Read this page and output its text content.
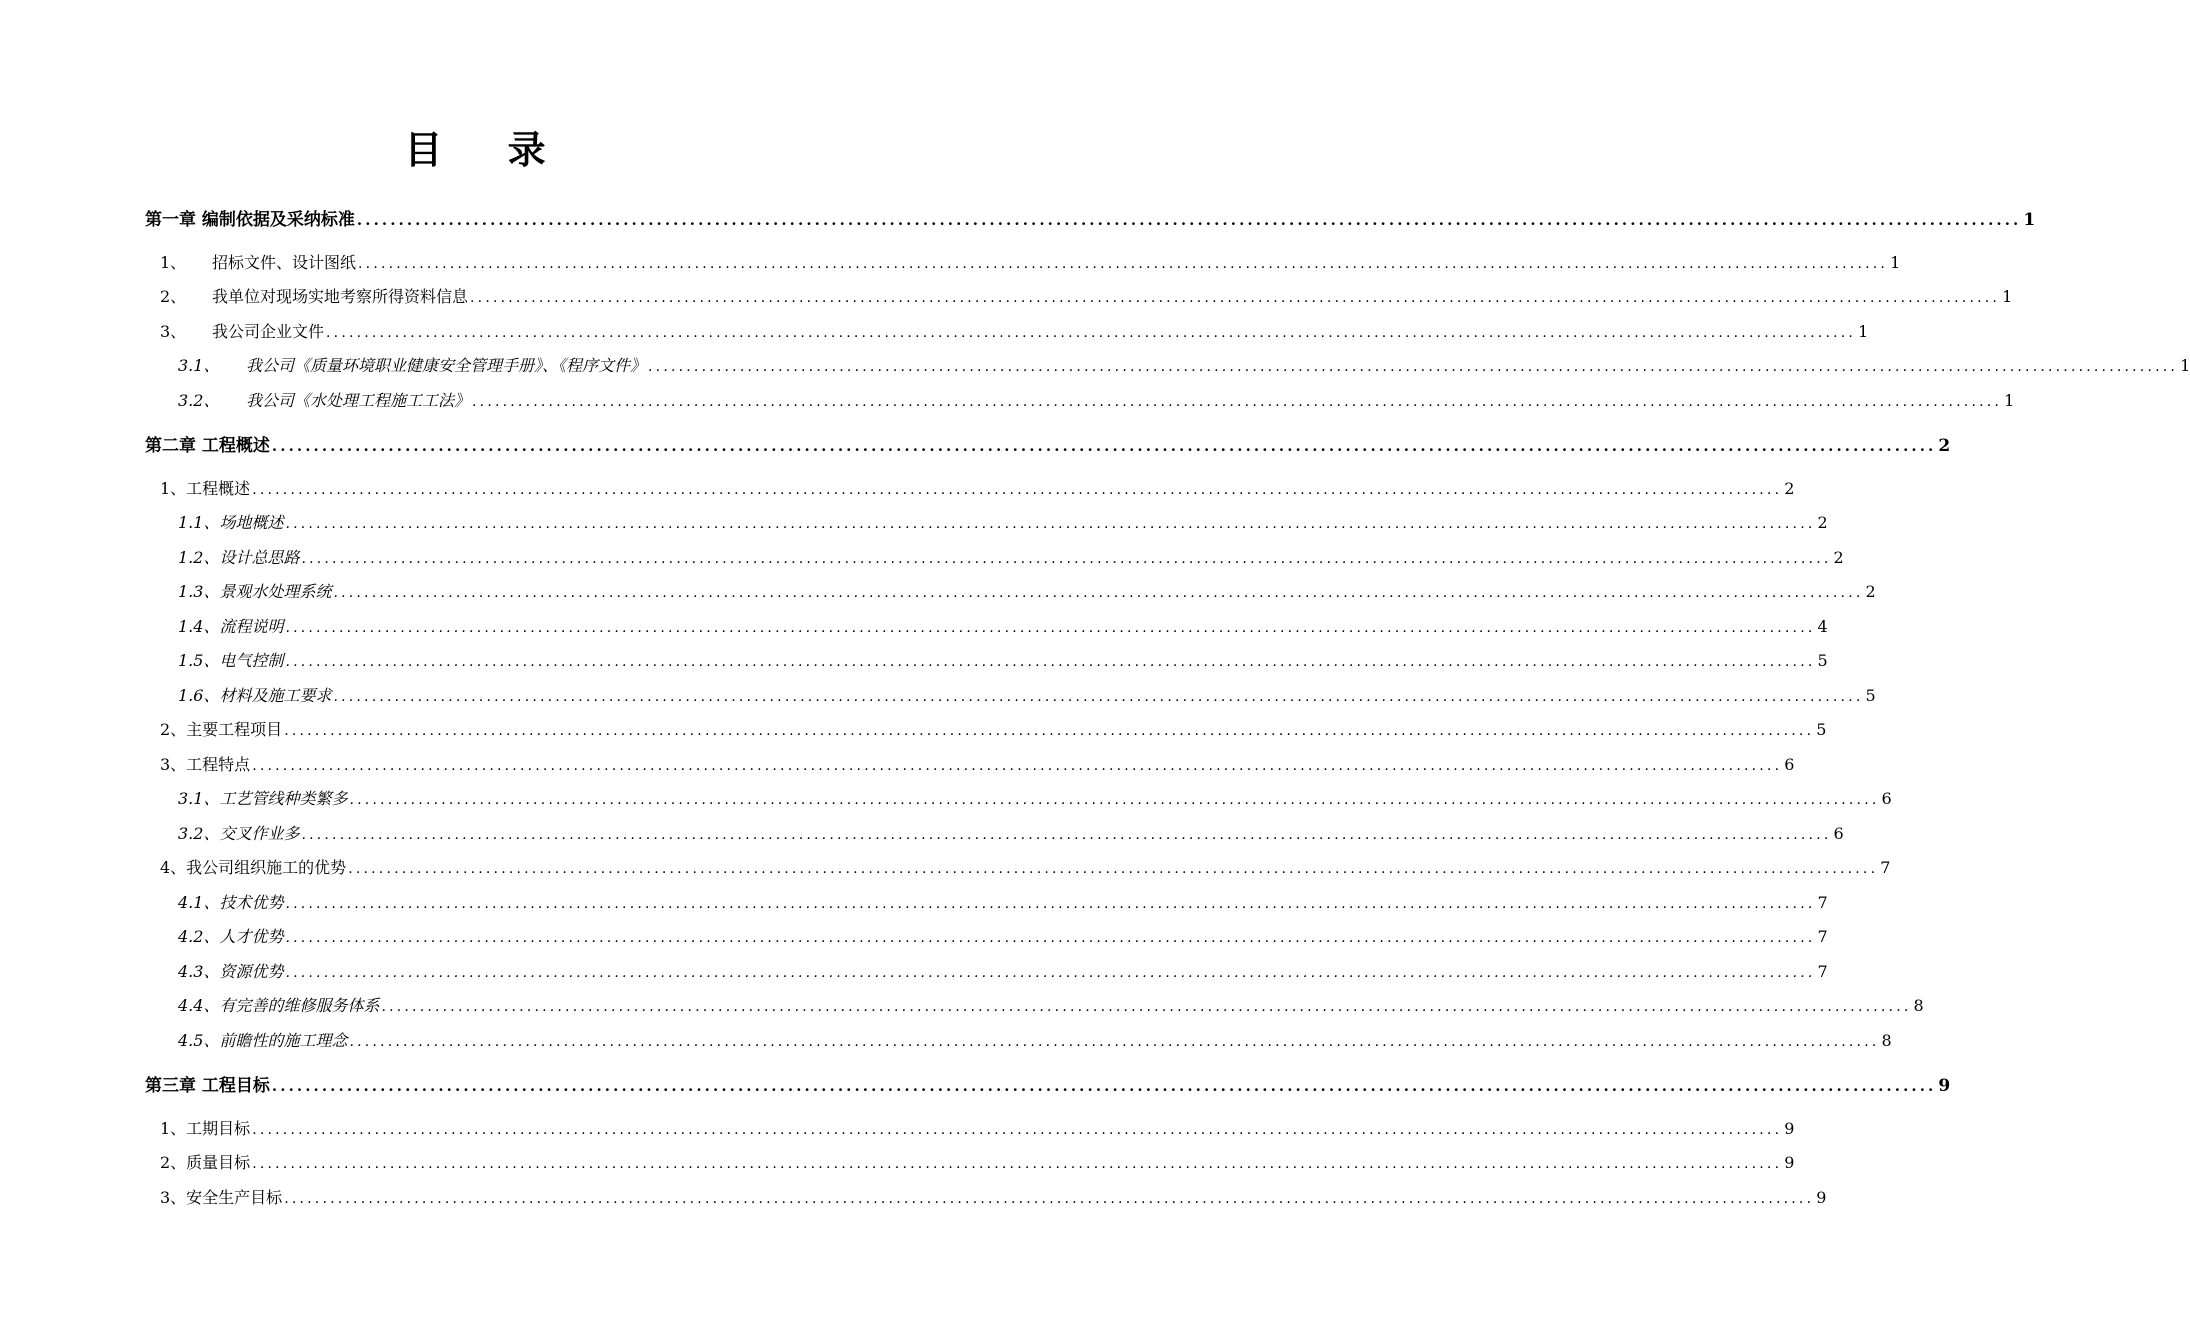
目 录
第一章 编制依据及采纳标准 ........................................................................................................................................................................................................ 1
1、 招标文件、设计图纸 ........................................................................................................................................................................................................ 1
2、 我单位对现场实地考察所得资料信息 ........................................................................................................................................................................................................ 1
3、 我公司企业文件 ........................................................................................................................................................................................................ 1
3.1、 我公司《质量环境职业健康安全管理手册》、《程序文件》 ........................................................................................................................................................................................................ 1
3.2、 我公司《水处理工程施工工法》 ........................................................................................................................................................................................................ 1
第二章 工程概述 ........................................................................................................................................................................................................ 2
1、工程概述 ........................................................................................................................................................................................................ 2
1.1、场地概述 ........................................................................................................................................................................................................ 2
1.2、设计总思路 ........................................................................................................................................................................................................ 2
1.3、景观水处理系统 ........................................................................................................................................................................................................ 2
1.4、流程说明 ........................................................................................................................................................................................................ 4
1.5、电气控制 ........................................................................................................................................................................................................ 5
1.6、材料及施工要求 ........................................................................................................................................................................................................ 5
2、主要工程项目 ........................................................................................................................................................................................................ 5
3、工程特点 ........................................................................................................................................................................................................ 6
3.1、工艺管线种类繁多 ........................................................................................................................................................................................................ 6
3.2、交叉作业多 ........................................................................................................................................................................................................ 6
4、我公司组织施工的优势 ........................................................................................................................................................................................................ 7
4.1、技术优势 ........................................................................................................................................................................................................ 7
4.2、人才优势 ........................................................................................................................................................................................................ 7
4.3、资源优势 ........................................................................................................................................................................................................ 7
4.4、有完善的维修服务体系 ........................................................................................................................................................................................................ 8
4.5、前瞻性的施工理念 ........................................................................................................................................................................................................ 8
第三章 工程目标 ........................................................................................................................................................................................................ 9
1、工期目标 ........................................................................................................................................................................................................ 9
2、质量目标 ........................................................................................................................................................................................................ 9
3、安全生产目标 ........................................................................................................................................................................................................ 9
